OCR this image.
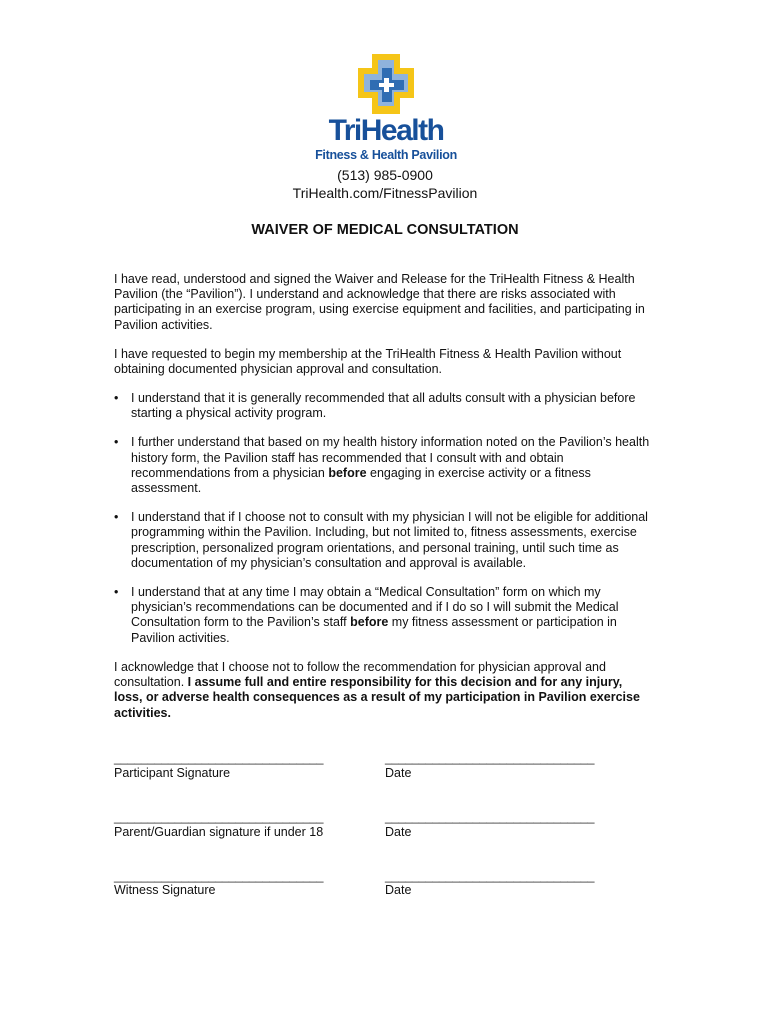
TriHealth
Fitness & Health Pavilion
(513) 985-0900
TriHealth.com/FitnessPavilion
WAIVER OF MEDICAL CONSULTATION

I have read, understood and signed the Waiver and Release for the TriHealth Fitness & Health Pavilion (the “Pavilion”). I understand and acknowledge that there are risks associated with participating in an exercise program, using exercise equipment and facilities, and participating in Pavilion activities.

I have requested to begin my membership at the TriHealth Fitness & Health Pavilion without obtaining documented physician approval and consultation.

• I understand that it is generally recommended that all adults consult with a physician before starting a physical activity program.
• I further understand that based on my health history information noted on the Pavilion’s health history form, the Pavilion staff has recommended that I consult with and obtain recommendations from a physician before engaging in exercise activity or a fitness assessment.
• I understand that if I choose not to consult with my physician I will not be eligible for additional programming within the Pavilion. Including, but not limited to, fitness assessments, exercise prescription, personalized program orientations, and personal training, until such time as documentation of my physician’s consultation and approval is available.
• I understand that at any time I may obtain a “Medical Consultation” form on which my physician’s recommendations can be documented and if I do so I will submit the Medical Consultation form to the Pavilion’s staff before my fitness assessment or participation in Pavilion activities.

I acknowledge that I choose not to follow the recommendation for physician approval and consultation. I assume full and entire responsibility for this decision and for any injury, loss, or adverse health consequences as a result of my participation in Pavilion exercise activities.

_______________________________	_______________________________
Participant Signature	Date
_______________________________	_______________________________
Parent/Guardian signature if under 18	Date
_______________________________	_______________________________
Witness Signature	Date
